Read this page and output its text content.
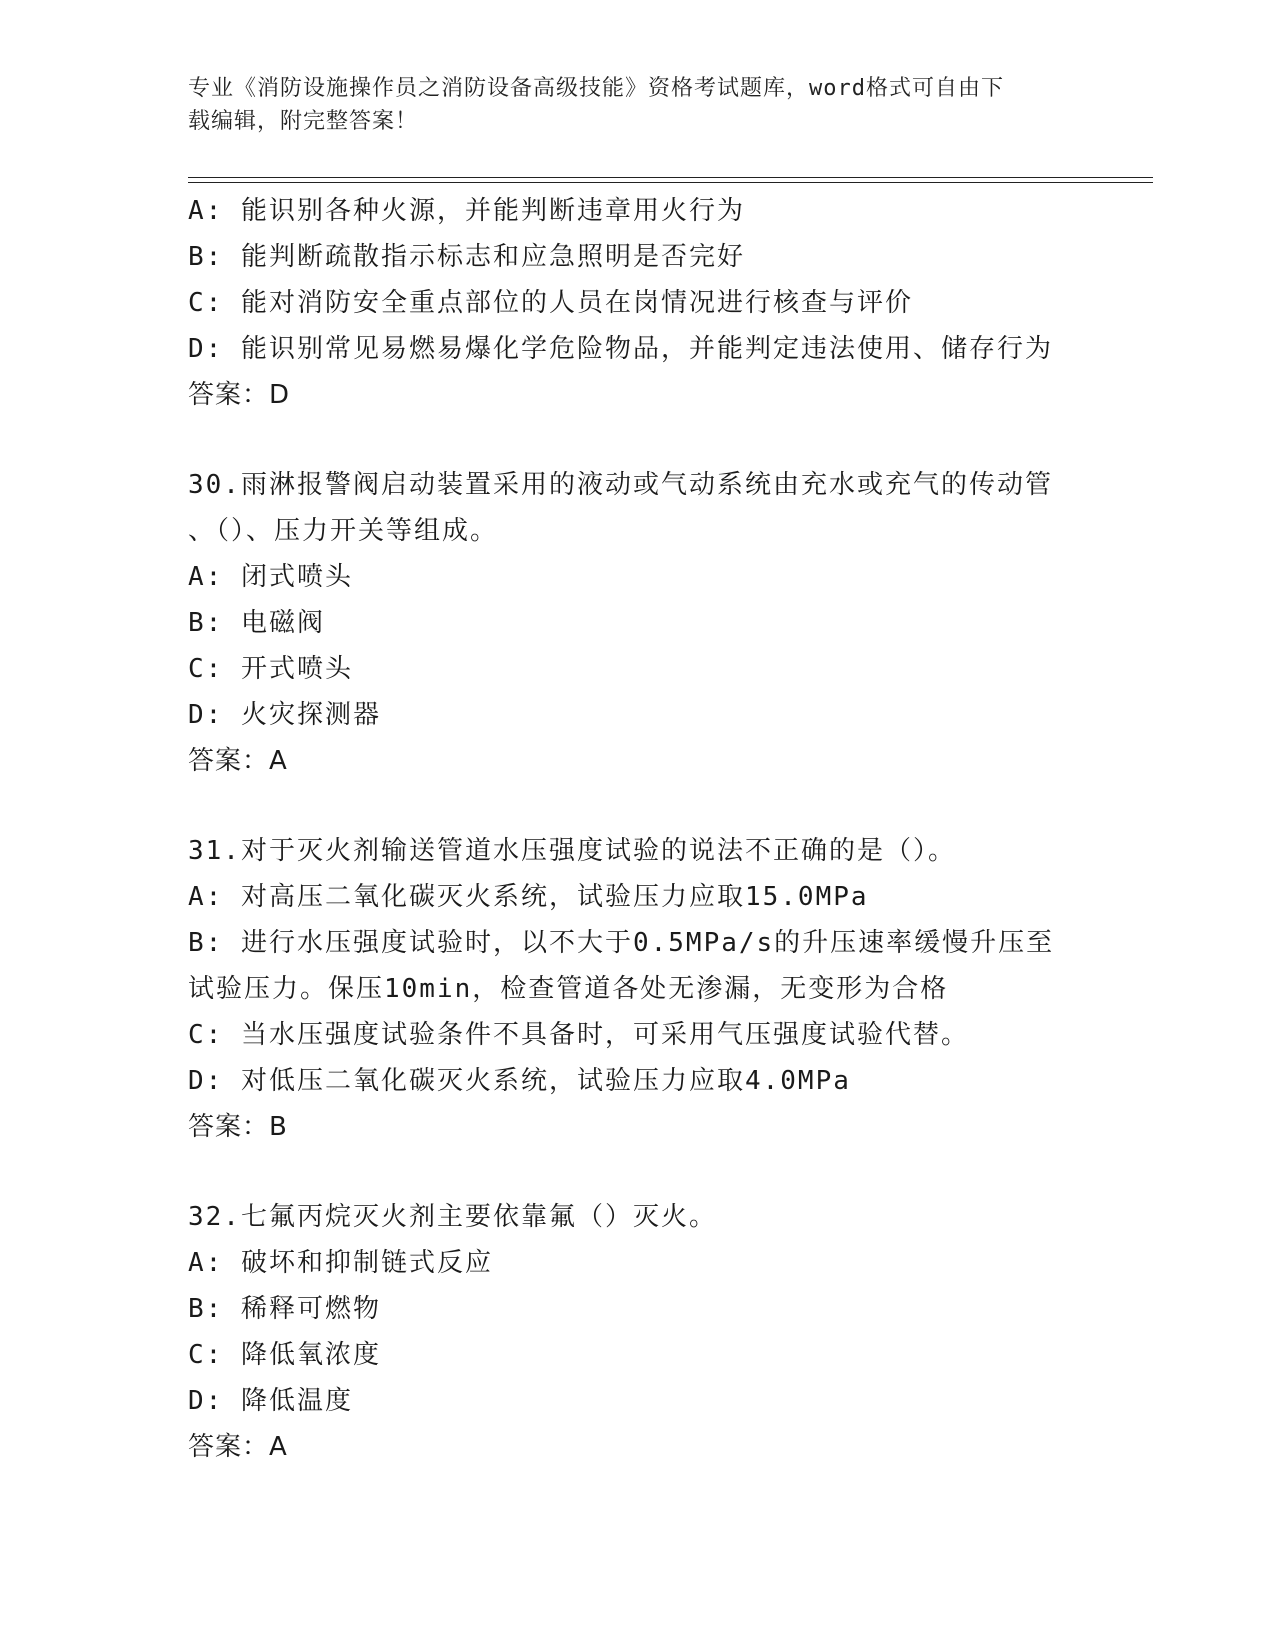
专业《消防设施操作员之消防设备高级技能》资格考试题库，word格式可自由下
载编辑，附完整答案！
A: 能识别各种火源，并能判断违章用火行为
B: 能判断疏散指示标志和应急照明是否完好
C: 能对消防安全重点部位的人员在岗情况进行核查与评价
D: 能识别常见易燃易爆化学危险物品，并能判定违法使用、储存行为
答案：D
30.雨淋报警阀启动装置采用的液动或气动系统由充水或充气的传动管
、（）、压力开关等组成。
A: 闭式喷头
B: 电磁阀
C: 开式喷头
D: 火灾探测器
答案：A
31.对于灭火剂输送管道水压强度试验的说法不正确的是（）。
A: 对高压二氧化碳灭火系统，试验压力应取15.0MPa
B: 进行水压强度试验时，以不大于0.5MPa/s的升压速率缓慢升压至
试验压力。保压10min，检查管道各处无渗漏，无变形为合格
C: 当水压强度试验条件不具备时，可采用气压强度试验代替。
D: 对低压二氧化碳灭火系统，试验压力应取4.0MPa
答案：B
32.七氟丙烷灭火剂主要依靠氟（）灭火。
A: 破坏和抑制链式反应
B: 稀释可燃物
C: 降低氧浓度
D: 降低温度
答案：A
